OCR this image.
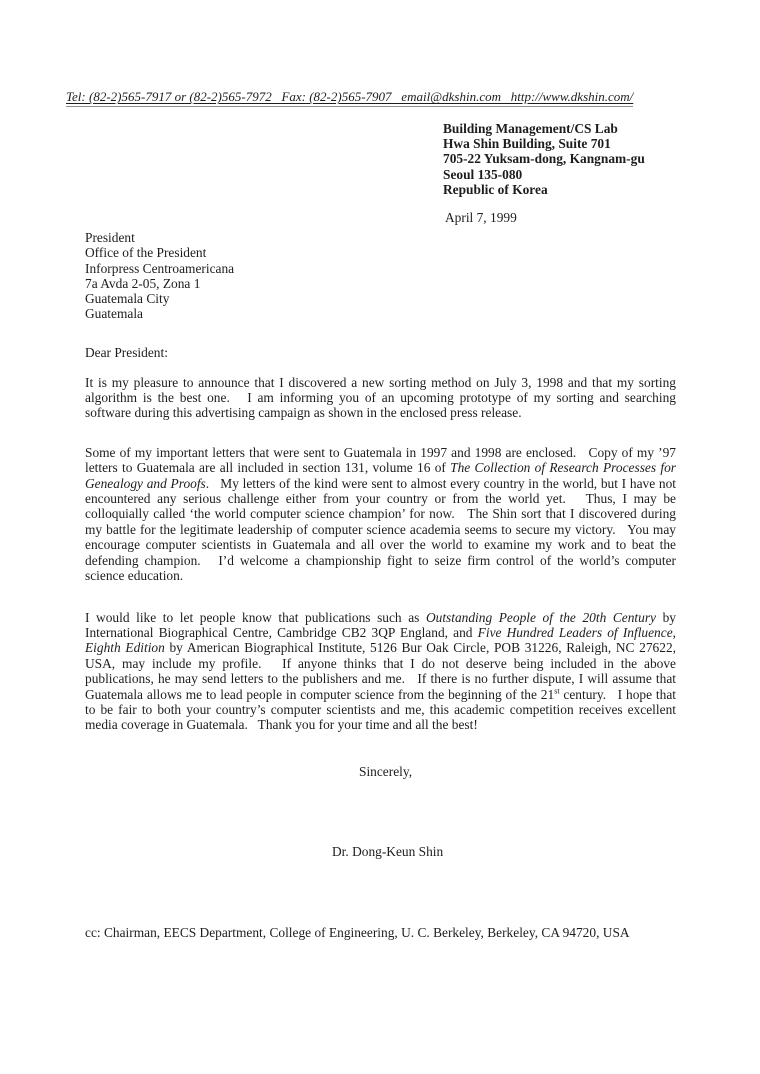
Tel: (82-2)565-7917 or (82-2)565-7972   Fax: (82-2)565-7907   email@dkshin.com   http://www.dkshin.com/
Building Management/CS Lab
Hwa Shin Building, Suite 701
705-22 Yuksam-dong, Kangnam-gu
Seoul 135-080
Republic of Korea
April 7, 1999
President
Office of the President
Inforpress Centroamericana
7a Avda 2-05, Zona 1
Guatemala City
Guatemala
Dear President:

It is my pleasure to announce that I discovered a new sorting method on July 3, 1998 and that my sorting algorithm is the best one.   I am informing you of an upcoming prototype of my sorting and searching software during this advertising campaign as shown in the enclosed press release.

Some of my important letters that were sent to Guatemala in 1997 and 1998 are enclosed.   Copy of my ’97 letters to Guatemala are all included in section 131, volume 16 of The Collection of Research Processes for Genealogy and Proofs.   My letters of the kind were sent to almost every country in the world, but I have not encountered any serious challenge either from your country or from the world yet.   Thus, I may be colloquially called ‘the world computer science champion’ for now.   The Shin sort that I discovered during my battle for the legitimate leadership of computer science academia seems to secure my victory.   You may encourage computer scientists in Guatemala and all over the world to examine my work and to beat the defending champion.   I’d welcome a championship fight to seize firm control of the world’s computer science education.

I would like to let people know that publications such as Outstanding People of the 20th Century by International Biographical Centre, Cambridge CB2 3QP England, and Five Hundred Leaders of Influence, Eighth Edition by American Biographical Institute, 5126 Bur Oak Circle, POB 31226, Raleigh, NC 27622, USA, may include my profile.   If anyone thinks that I do not deserve being included in the above publications, he may send letters to the publishers and me.   If there is no further dispute, I will assume that Guatemala allows me to lead people in computer science from the beginning of the 21st century.   I hope that to be fair to both your country’s computer scientists and me, this academic competition receives excellent media coverage in Guatemala.   Thank you for your time and all the best!

Sincerely,
Dr. Dong-Keun Shin
cc: Chairman, EECS Department, College of Engineering, U. C. Berkeley, Berkeley, CA 94720, USA
